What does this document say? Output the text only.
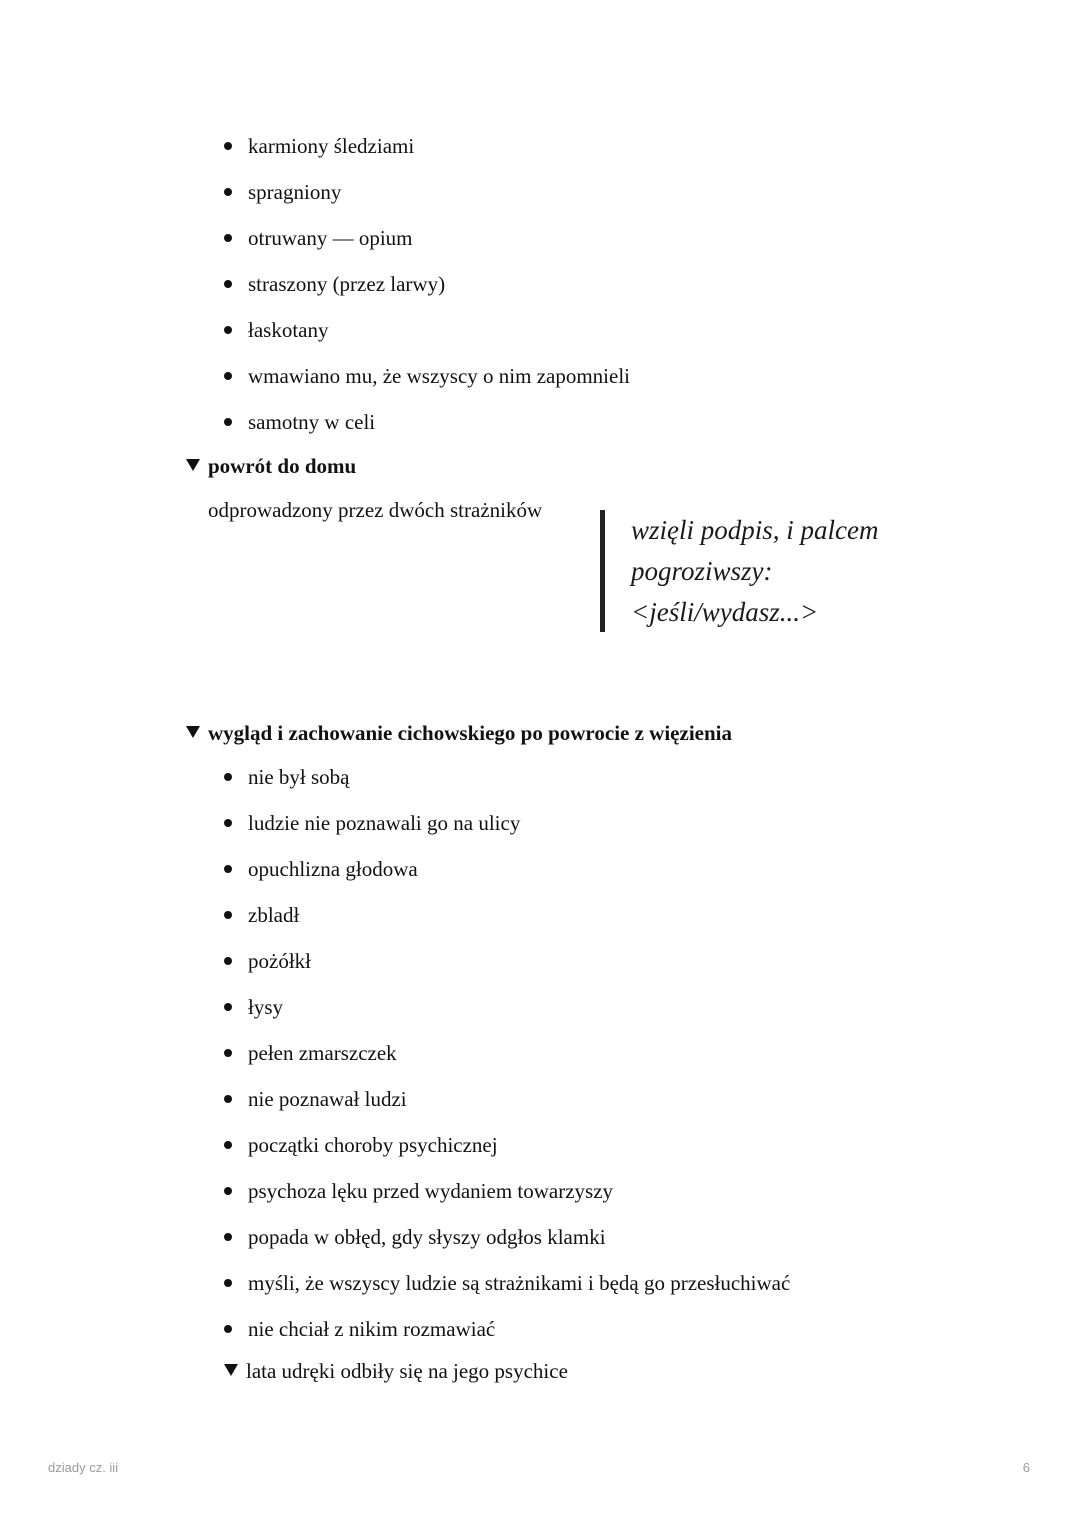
karmiony śledziami
spragniony
otruwany — opium
straszony (przez larwy)
łaskotany
wmawiano mu, że wszyscy o nim zapomnieli
samotny w celi
powrót do domu
odprowadzony przez dwóch strażników
wzięli podpis, i palcem
pogroziwszy:
<jeśli/wydasz...>
wygląd i zachowanie cichowskiego po powrocie z więzienia
nie był sobą
ludzie nie poznawali go na ulicy
opuchlizna głodowa
zbladł
pożółkł
łysy
pełen zmarszczek
nie poznawał ludzi
początki choroby psychicznej
psychoza lęku przed wydaniem towarzyszy
popada w obłęd, gdy słyszy odgłos klamki
myśli, że wszyscy ludzie są strażnikami i będą go przesłuchiwać
nie chciał z nikim rozmawiać
lata udręki odbiły się na jego psychice
dziady cz. iii	6
